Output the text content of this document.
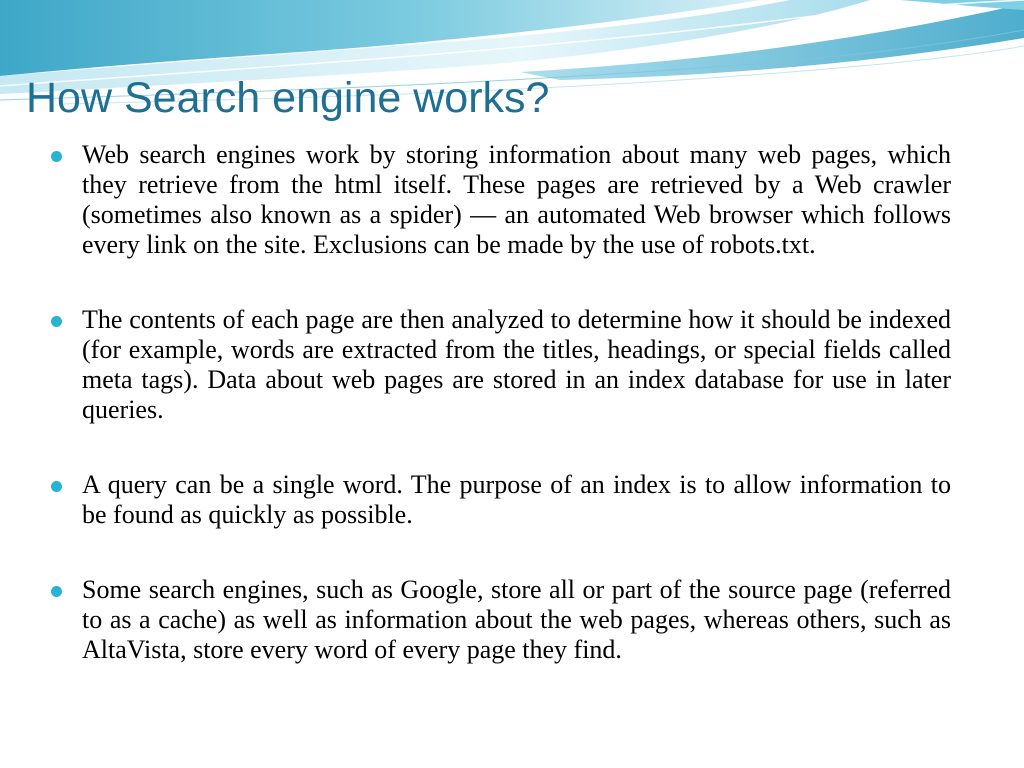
How Search engine works?
Web search engines work by storing information about many web pages, which they retrieve from the html itself. These pages are retrieved by a Web crawler (sometimes also known as a spider) — an automated Web browser which follows every link on the site. Exclusions can be made by the use of robots.txt.
The contents of each page are then analyzed to determine how it should be indexed (for example, words are extracted from the titles, headings, or special fields called meta tags). Data about web pages are stored in an index database for use in later queries.
A query can be a single word. The purpose of an index is to allow information to be found as quickly as possible.
Some search engines, such as Google, store all or part of the source page (referred to as a cache) as well as information about the web pages, whereas others, such as AltaVista, store every word of every page they find.
